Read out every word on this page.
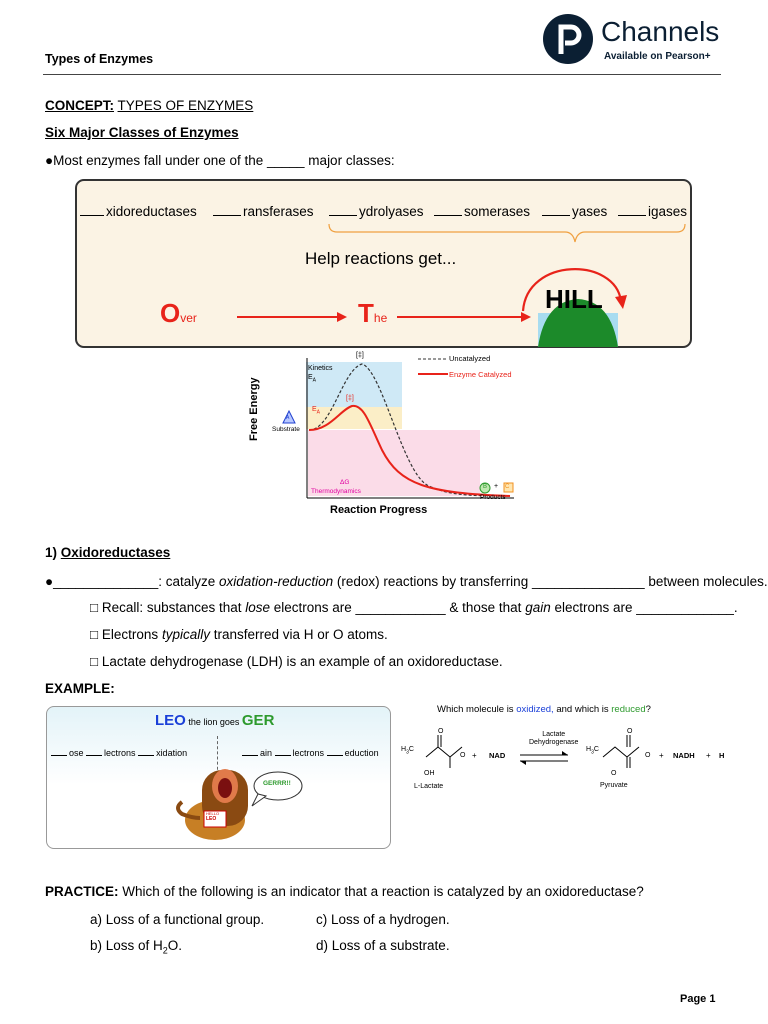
Types of Enzymes
Channels
Available on Pearson+
CONCEPT: TYPES OF ENZYMES
Six Major Classes of Enzymes
●Most enzymes fall under one of the _____ major classes:
xidoreductases	ransferases	ydrolyases	somerases	yases	igases
Help reactions get...
Over	The
HILL
Free Energy
Reaction Progress
Uncatalyzed
Enzyme Catalyzed
Kinetics
$E_A$
[‡]
[‡]
$E_A$
A
Substrate
ΔG
Thermodynamics
B + C
Products
1) Oxidoreductases
●______________: catalyze oxidation-reduction (redox) reactions by transferring _______________ between molecules.
□ Recall: substances that lose electrons are ____________ & those that gain electrons are _____________.
□ Electrons typically transferred via H or O atoms.
□ Lactate dehydrogenase (LDH) is an example of an oxidoreductase.
EXAMPLE:
LEO the lion goes GER
ose lectrons xidation	ain lectrons eduction
GERRR!!
HELLO
LEO
Which molecule is oxidized, and which is reduced?
$H_3C$
O
O
OH
L-Lactate
+ NAD
Lactate
Dehydrogenase
$H_3C$
O
O
O
Pyruvate
+ NADH + H
PRACTICE: Which of the following is an indicator that a reaction is catalyzed by an oxidoreductase?
a) Loss of a functional group.	c) Loss of a hydrogen.
b) Loss of $H_2O$.	d) Loss of a substrate.
Page 1
